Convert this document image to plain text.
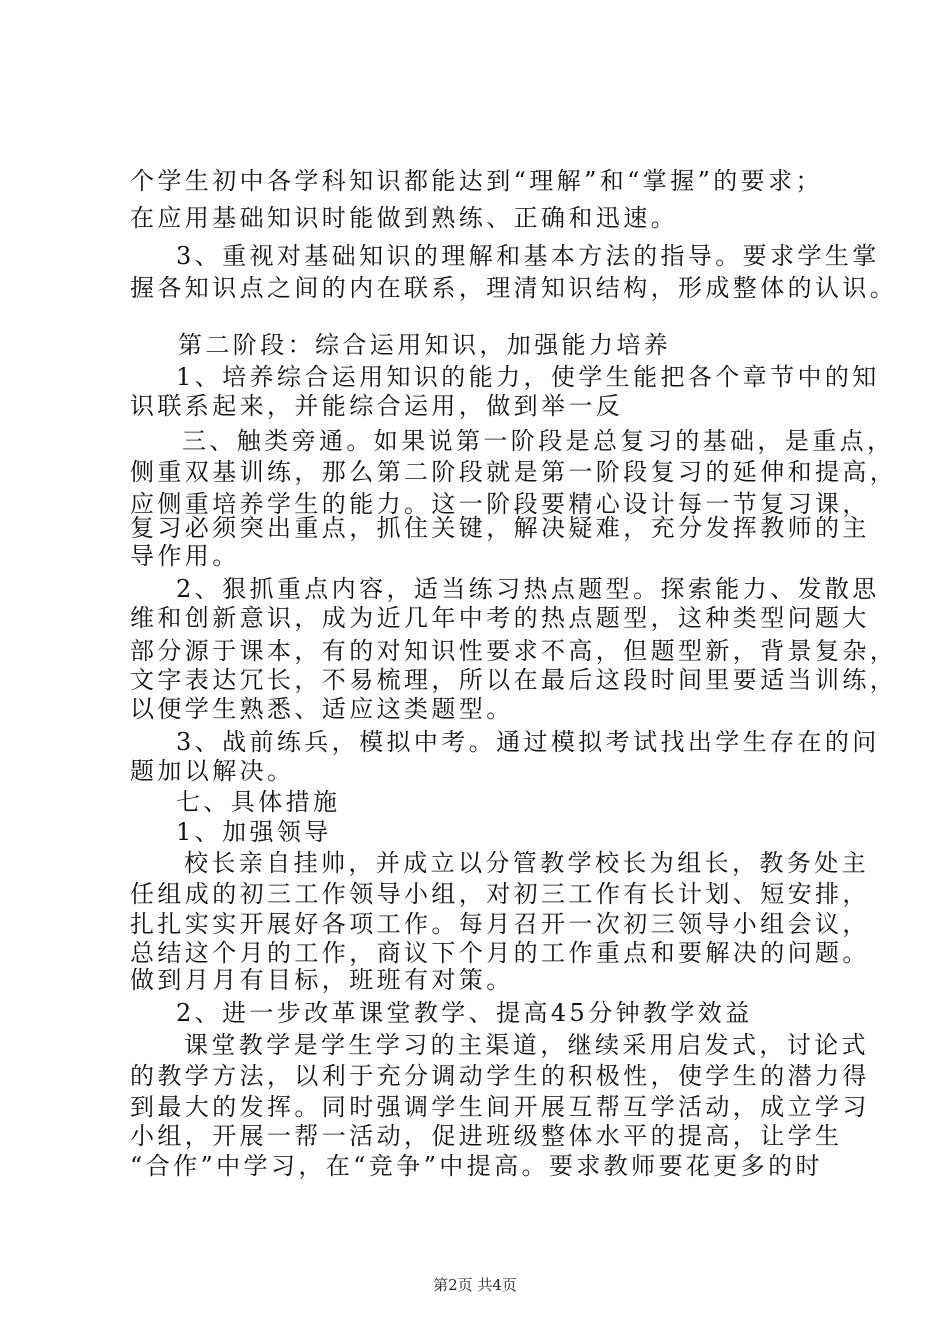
个学生初中各学科知识都能达到“理解”和“掌握”的要求；
在应用基础知识时能做到熟练、正确和迅速。
3、重视对基础知识的理解和基本方法的指导。要求学生掌
握各知识点之间的内在联系，理清知识结构，形成整体的认识。
第二阶段：综合运用知识，加强能力培养
1、培养综合运用知识的能力，使学生能把各个章节中的知
识联系起来，并能综合运用，做到举一反
三、触类旁通。如果说第一阶段是总复习的基础，是重点，
侧重双基训练，那么第二阶段就是第一阶段复习的延伸和提高，
应侧重培养学生的能力。这一阶段要精心设计每一节复习课，
复习必须突出重点，抓住关键，解决疑难，充分发挥教师的主
导作用。
2、狠抓重点内容，适当练习热点题型。探索能力、发散思
维和创新意识，成为近几年中考的热点题型，这种类型问题大
部分源于课本，有的对知识性要求不高，但题型新，背景复杂，
文字表达冗长，不易梳理，所以在最后这段时间里要适当训练，
以便学生熟悉、适应这类题型。
3、战前练兵，模拟中考。通过模拟考试找出学生存在的问
题加以解决。
七、具体措施
1、加强领导
校长亲自挂帅，并成立以分管教学校长为组长，教务处主
任组成的初三工作领导小组，对初三工作有长计划、短安排，
扎扎实实开展好各项工作。每月召开一次初三领导小组会议，
总结这个月的工作，商议下个月的工作重点和要解决的问题。
做到月月有目标，班班有对策。
2、进一步改革课堂教学、提高45分钟教学效益
课堂教学是学生学习的主渠道，继续采用启发式，讨论式
的教学方法，以利于充分调动学生的积极性，使学生的潜力得
到最大的发挥。同时强调学生间开展互帮互学活动，成立学习
小组，开展一帮一活动，促进班级整体水平的提高，让学生
“合作”中学习，在“竞争”中提高。要求教师要花更多的时
第2页 共4页
